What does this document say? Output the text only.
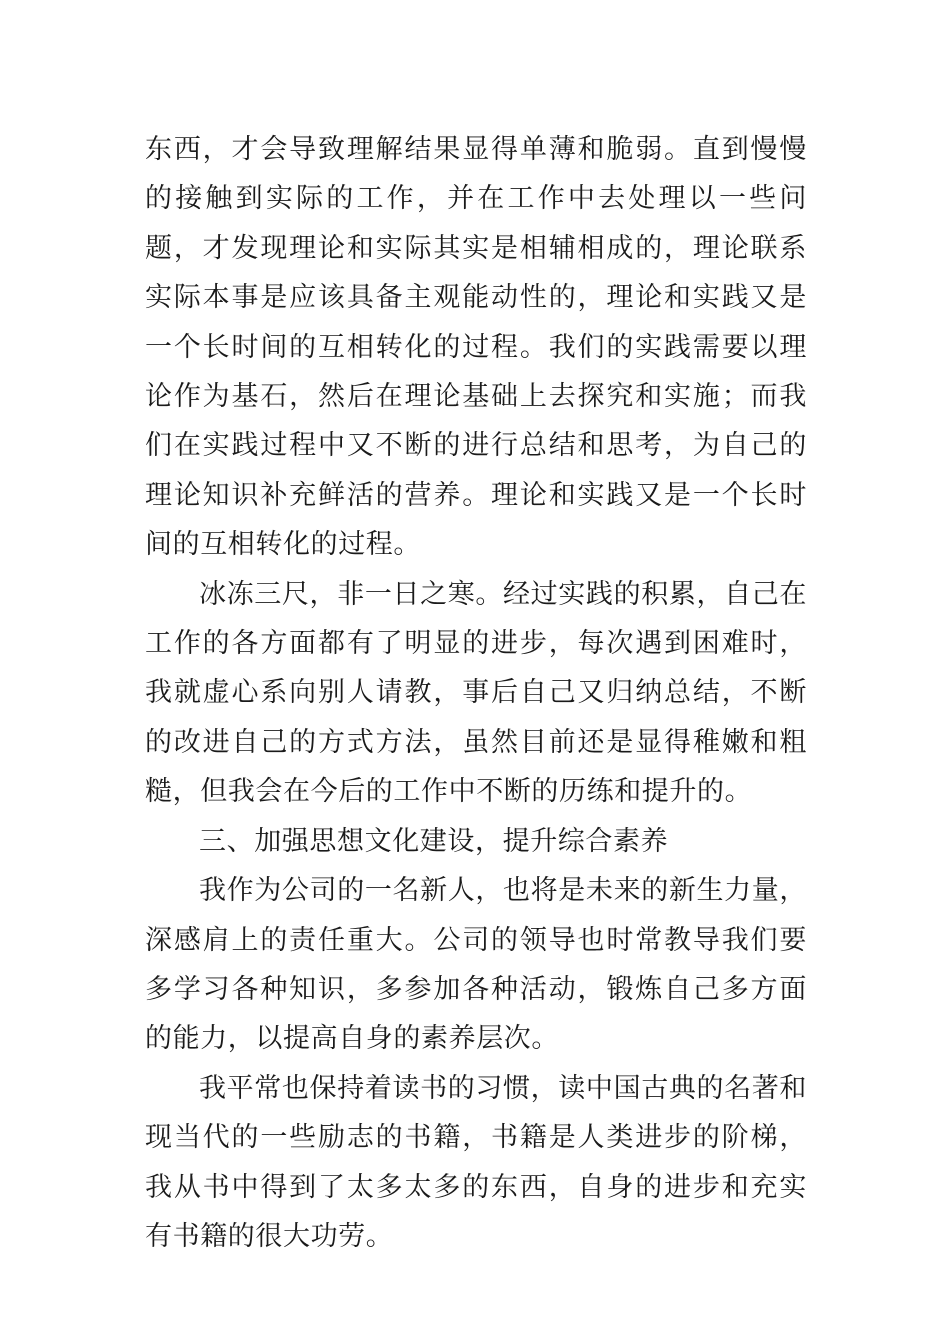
东西，才会导致理解结果显得单薄和脆弱。直到慢慢的接触到实际的工作，并在工作中去处理以一些问题，才发现理论和实际其实是相辅相成的，理论联系实际本事是应该具备主观能动性的，理论和实践又是一个长时间的互相转化的过程。我们的实践需要以理论作为基石，然后在理论基础上去探究和实施；而我们在实践过程中又不断的进行总结和思考，为自己的理论知识补充鲜活的营养。理论和实践又是一个长时间的互相转化的过程。

冰冻三尺，非一日之寒。经过实践的积累，自己在工作的各方面都有了明显的进步，每次遇到困难时，我就虚心系向别人请教，事后自己又归纳总结，不断的改进自己的方式方法，虽然目前还是显得稚嫩和粗糙，但我会在今后的工作中不断的历练和提升的。

三、加强思想文化建设，提升综合素养

我作为公司的一名新人，也将是未来的新生力量，深感肩上的责任重大。公司的领导也时常教导我们要多学习各种知识，多参加各种活动，锻炼自己多方面的能力，以提高自身的素养层次。

我平常也保持着读书的习惯，读中国古典的名著和现当代的一些励志的书籍，书籍是人类进步的阶梯，我从书中得到了太多太多的东西，自身的进步和充实有书籍的很大功劳。
